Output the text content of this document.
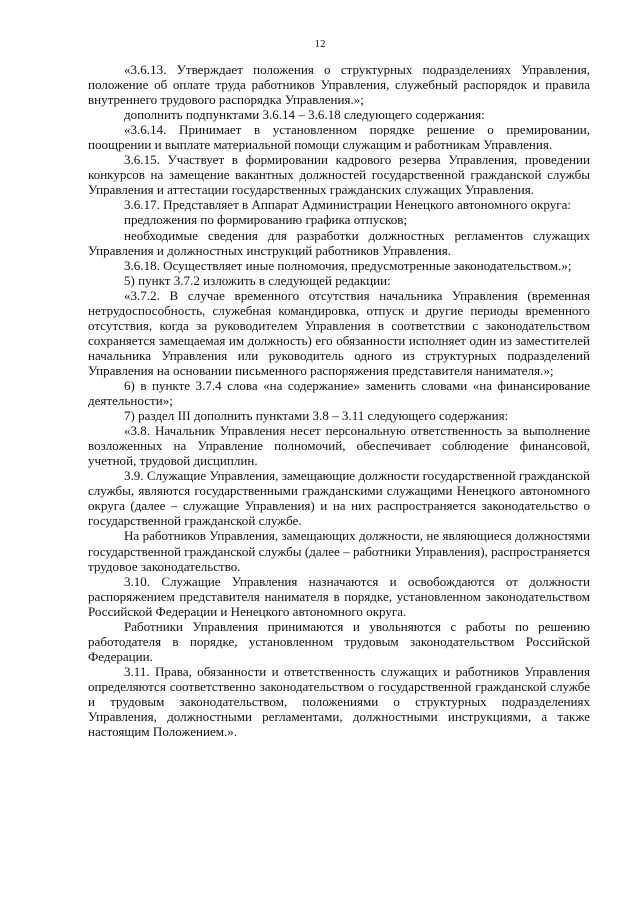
12

«3.6.13. Утверждает положения о структурных подразделениях Управления, положение об оплате труда работников Управления, служебный распорядок и правила внутреннего трудового распорядка Управления.»;

дополнить подпунктами 3.6.14 – 3.6.18 следующего содержания:

«3.6.14. Принимает в установленном порядке решение о премировании, поощрении и выплате материальной помощи служащим и работникам Управления.

3.6.15. Участвует в формировании кадрового резерва Управления, проведении конкурсов на замещение вакантных должностей государственной гражданской службы Управления и аттестации государственных гражданских служащих Управления.

3.6.17. Представляет в Аппарат Администрации Ненецкого автономного округа:

предложения по формированию графика отпусков;

необходимые сведения для разработки должностных регламентов служащих Управления и должностных инструкций работников Управления.

3.6.18. Осуществляет иные полномочия, предусмотренные законодательством.»;

5) пункт 3.7.2 изложить в следующей редакции:

«3.7.2. В случае временного отсутствия начальника Управления (временная нетрудоспособность, служебная командировка, отпуск и другие периоды временного отсутствия, когда за руководителем Управления в соответствии с законодательством сохраняется замещаемая им должность) его обязанности исполняет один из заместителей начальника Управления или руководитель одного из структурных подразделений Управления на основании письменного распоряжения представителя нанимателя.»;

6) в пункте 3.7.4 слова «на содержание» заменить словами «на финансирование деятельности»;

7) раздел III дополнить пунктами 3.8 – 3.11 следующего содержания:

«3.8. Начальник Управления несет персональную ответственность за выполнение возложенных на Управление полномочий, обеспечивает соблюдение финансовой, учетной, трудовой дисциплин.

3.9. Служащие Управления, замещающие должности государственной гражданской службы, являются государственными гражданскими служащими Ненецкого автономного округа (далее – служащие Управления) и на них распространяется законодательство о государственной гражданской службе.

На работников Управления, замещающих должности, не являющиеся должностями государственной гражданской службы (далее – работники Управления), распространяется трудовое законодательство.

3.10. Служащие Управления назначаются и освобождаются от должности распоряжением представителя нанимателя в порядке, установленном законодательством Российской Федерации и Ненецкого автономного округа.

Работники Управления принимаются и увольняются с работы по решению работодателя в порядке, установленном трудовым законодательством Российской Федерации.

3.11. Права, обязанности и ответственность служащих и работников Управления определяются соответственно законодательством о государственной гражданской службе и трудовым законодательством, положениями о структурных подразделениях Управления, должностными регламентами, должностными инструкциями, а также настоящим Положением.».
